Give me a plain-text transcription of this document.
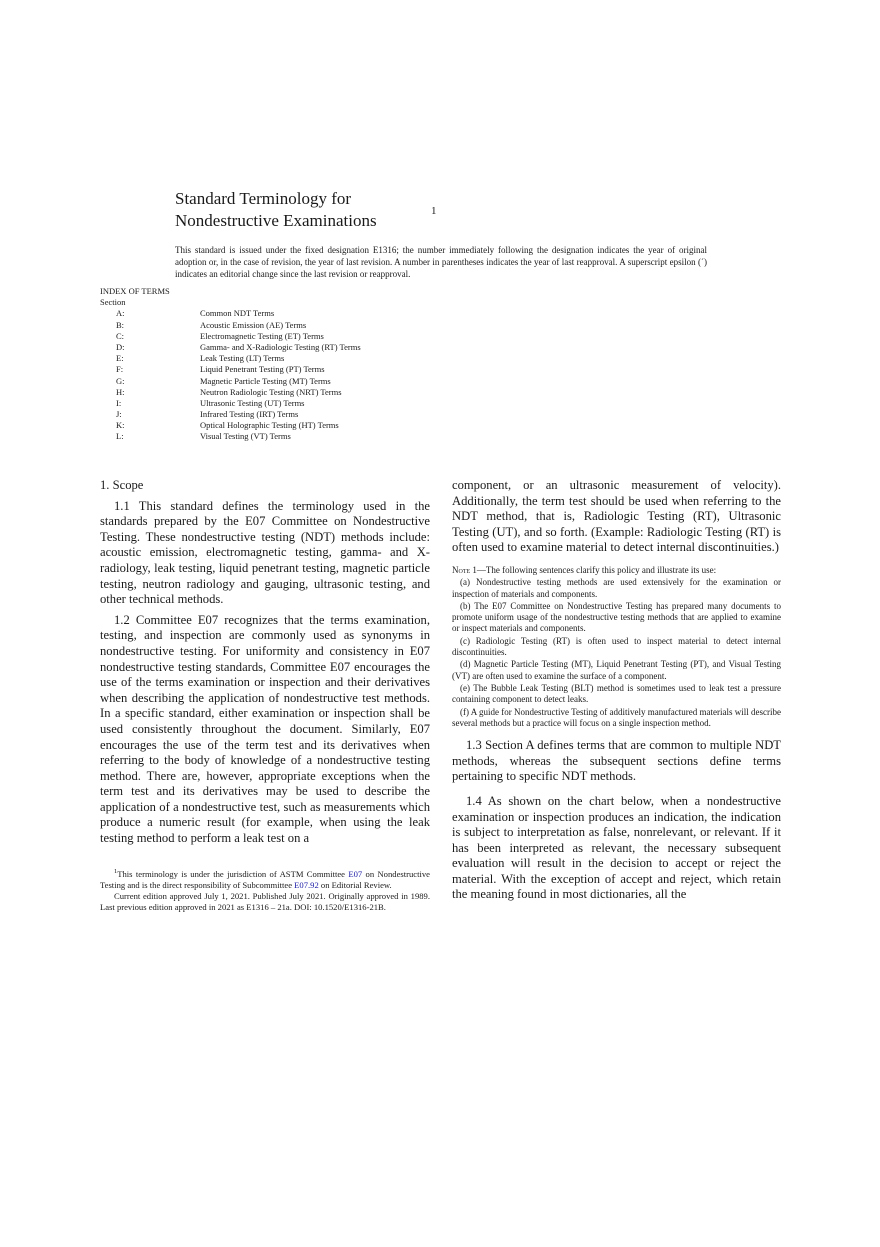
Standard Terminology for
Nondestructive Examinations	1
This standard is issued under the fixed designation E1316; the number immediately following the designation indicates the year of original adoption or, in the case of revision, the year of last revision. A number in parentheses indicates the year of last reapproval. A superscript epsilon (´) indicates an editorial change since the last revision or reapproval.
INDEX OF TERMS
Section
A:	Common NDT Terms
B:	Acoustic Emission (AE) Terms
C:	Electromagnetic Testing (ET) Terms
D:	Gamma- and X-Radiologic Testing (RT) Terms
E:	Leak Testing (LT) Terms
F:	Liquid Penetrant Testing (PT) Terms
G:	Magnetic Particle Testing (MT) Terms
H:	Neutron Radiologic Testing (NRT) Terms
I:	Ultrasonic Testing (UT) Terms
J:	Infrared Testing (IRT) Terms
K:	Optical Holographic Testing (HT) Terms
L:	Visual Testing (VT) Terms
1. Scope

1.1 This standard defines the terminology used in the standards prepared by the E07 Committee on Nondestructive Testing. These nondestructive testing (NDT) methods include: acoustic emission, electromagnetic testing, gamma- and X-radiology, leak testing, liquid penetrant testing, magnetic particle testing, neutron radiology and gauging, ultrasonic testing, and other technical methods.

1.2 Committee E07 recognizes that the terms examination, testing, and inspection are commonly used as synonyms in nondestructive testing. For uniformity and consistency in E07 nondestructive testing standards, Committee E07 encourages the use of the terms examination or inspection and their derivatives when describing the application of nondestructive test methods. In a specific standard, either examination or inspection shall be used consistently throughout the document. Similarly, E07 encourages the use of the term test and its derivatives when referring to the body of knowledge of a nondestructive testing method. There are, however, appropriate exceptions when the term test and its derivatives may be used to describe the application of a nondestructive test, such as measurements which produce a numeric result (for example, when using the leak testing method to perform a leak test on a

component, or an ultrasonic measurement of velocity). Additionally, the term test should be used when referring to the NDT method, that is, Radiologic Testing (RT), Ultrasonic Testing (UT), and so forth. (Example: Radiologic Testing (RT) is often used to examine material to detect internal discontinuities.)

Note 1—The following sentences clarify this policy and illustrate its use:

(a) Nondestructive testing methods are used extensively for the examination or inspection of materials and components.

(b) The E07 Committee on Nondestructive Testing has prepared many documents to promote uniform usage of the nondestructive testing methods that are applied to examine or inspect materials and components.

(c) Radiologic Testing (RT) is often used to inspect material to detect internal discontinuities.

(d) Magnetic Particle Testing (MT), Liquid Penetrant Testing (PT), and Visual Testing (VT) are often used to examine the surface of a component.

(e) The Bubble Leak Testing (BLT) method is sometimes used to leak test a pressure containing component to detect leaks.

(f) A guide for Nondestructive Testing of additively manufactured materials will describe several methods but a practice will focus on a single inspection method.

1.3 Section A defines terms that are common to multiple NDT methods, whereas the subsequent sections define terms pertaining to specific NDT methods.

1.4 As shown on the chart below, when a nondestructive examination or inspection produces an indication, the indication is subject to interpretation as false, nonrelevant, or relevant. If it has been interpreted as relevant, the necessary subsequent evaluation will result in the decision to accept or reject the material. With the exception of accept and reject, which retain the meaning found in most dictionaries, all the

$^1$This terminology is under the jurisdiction of ASTM Committee E07 on Nondestructive Testing and is the direct responsibility of Subcommittee E07.92 on Editorial Review.

Current edition approved July 1, 2021. Published July 2021. Originally approved in 1989. Last previous edition approved in 2021 as E1316 – 21a. DOI: 10.1520/E1316-21B.
